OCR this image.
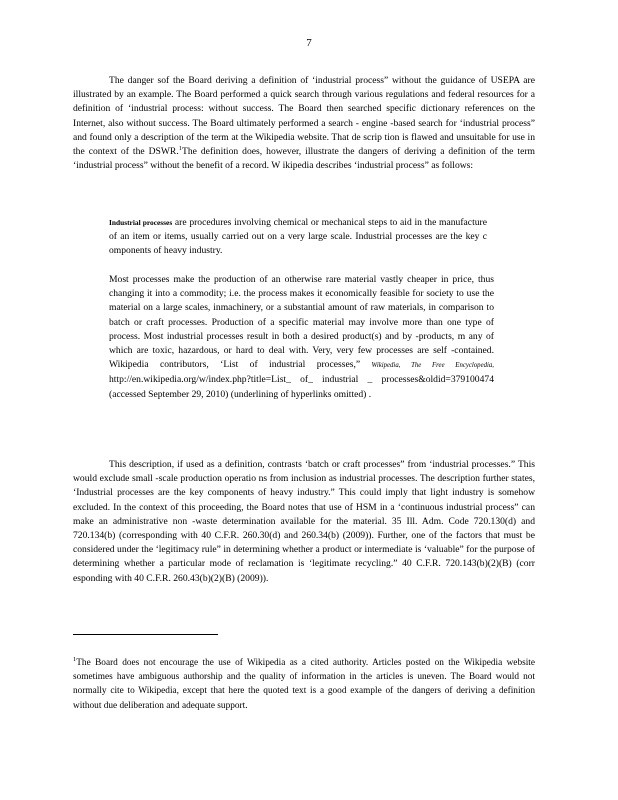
7

The danger sof the Board deriving a definition of ‘industrial process” without the guidance of USEPA are illustrated by an example. The Board performed a quick search through various regulations and federal resources for a definition of ‘industrial process: without success. The Board then searched specific dictionary references on the Internet, also without success. The Board ultimately performed a search - engine -based search for ‘industrial process” and found only a description of the term at the Wikipedia website. That de scrip tion is flawed and unsuitable for use in the context of the DSWR.$^1$The definition does, however, illustrate the dangers of deriving a definition of the term ‘industrial process” without the benefit of a record. W ikipedia describes ‘industrial process” as follows:

Industrial processes are procedures involving chemical or mechanical steps to aid in the manufacture of an item or items, usually carried out on a very large scale. Industrial processes are the key c omponents of heavy industry.

Most processes make the production of an otherwise rare material vastly cheaper in price, thus changing it into a commodity; i.e. the process makes it economically feasible for society to use the material on a large scales, inmachinery, or a substantial amount of raw materials, in comparison to batch or craft processes. Production of a specific material may involve more than one type of process. Most industrial processes result in both a desired product(s) and by -products, m any of which are toxic, hazardous, or hard to deal with. Very, very few processes are self -contained. Wikipedia contributors, ‘List of industrial processes,” Wikipedia, The Free Encyclopedia, http://en.wikipedia.org/w/index.php?title=List_ of_ industrial _ processes&oldid=379100474 (accessed September 29, 2010) (underlining of hyperlinks omitted) .

This description, if used as a definition, contrasts ‘batch or craft processes” from ‘industrial processes.” This would exclude small -scale production operatio ns from inclusion as industrial processes. The description further states, ‘Industrial processes are the key components of heavy industry.” This could imply that light industry is somehow excluded. In the context of this proceeding, the Board notes that use of HSM in a ‘continuous industrial process” can make an administrative non -waste determination available for the material. 35 Ill. Adm. Code 720.130(d) and 720.134(b) (corresponding with 40 C.F.R. 260.30(d) and 260.34(b) (2009)). Further, one of the factors that must be considered under the ‘legitimacy rule” in determining whether a product or intermediate is ‘valuable” for the purpose of determining whether a particular mode of reclamation is ‘legitimate recycling.” 40 C.F.R. 720.143(b)(2)(B) (corr esponding with 40 C.F.R. 260.43(b)(2)(B) (2009)).

$^1$The Board does not encourage the use of Wikipedia as a cited authority. Articles posted on the Wikipedia website sometimes have ambiguous authorship and the quality of information in the articles is uneven. The Board would not normally cite to Wikipedia, except that here the quoted text is a good example of the dangers of deriving a definition without due deliberation and adequate support.
